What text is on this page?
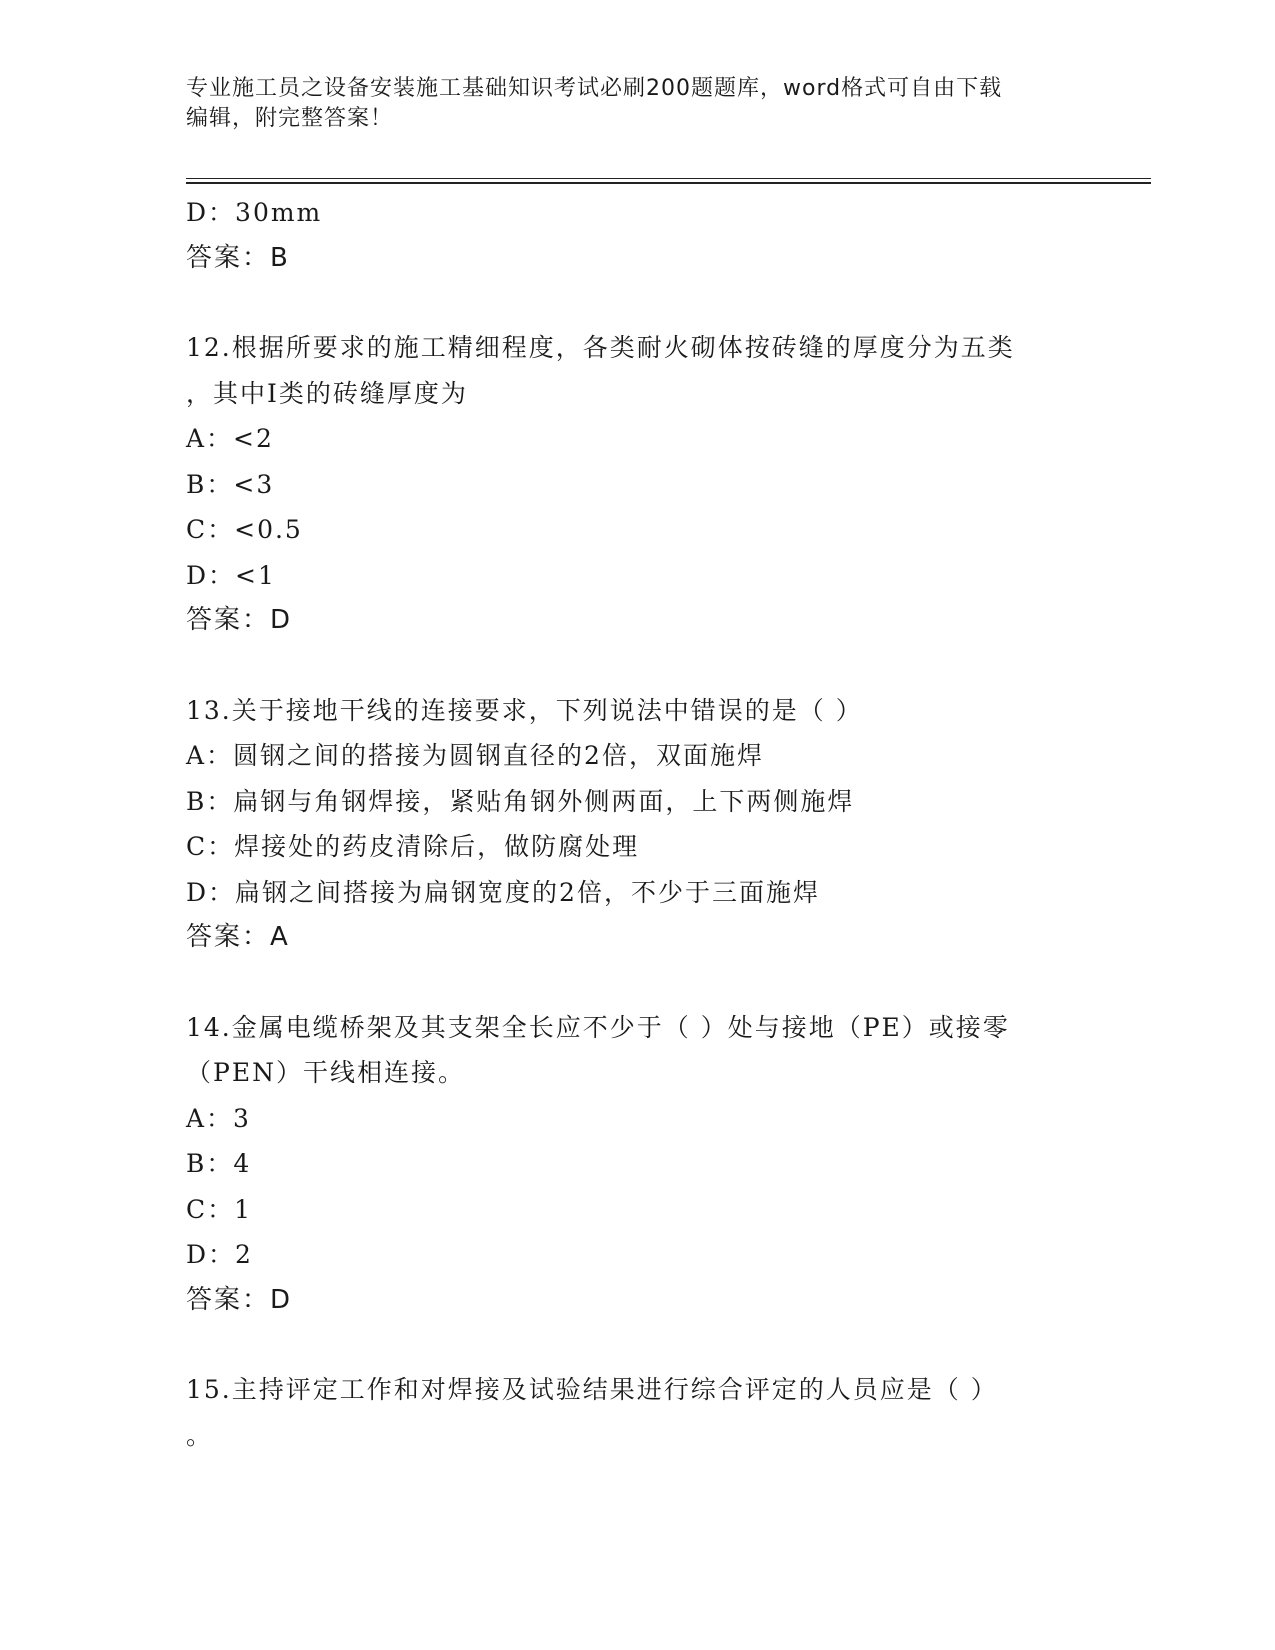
专业施工员之设备安装施工基础知识考试必刷200题题库，word格式可自由下载
编辑，附完整答案！
D：30mm
答案：B
12.根据所要求的施工精细程度，各类耐火砌体按砖缝的厚度分为五类
，其中Ⅰ类的砖缝厚度为
A：<2
B：<3
C：<0.5
D：<1
答案：D
13.关于接地干线的连接要求，下列说法中错误的是（ ）
A：圆钢之间的搭接为圆钢直径的2倍，双面施焊
B：扁钢与角钢焊接，紧贴角钢外侧两面，上下两侧施焊
C：焊接处的药皮清除后，做防腐处理
D：扁钢之间搭接为扁钢宽度的2倍，不少于三面施焊
答案：A
14.金属电缆桥架及其支架全长应不少于（ ）处与接地（PE）或接零
（PEN）干线相连接。
A：3
B：4
C：1
D：2
答案：D
15.主持评定工作和对焊接及试验结果进行综合评定的人员应是（ ）
。
